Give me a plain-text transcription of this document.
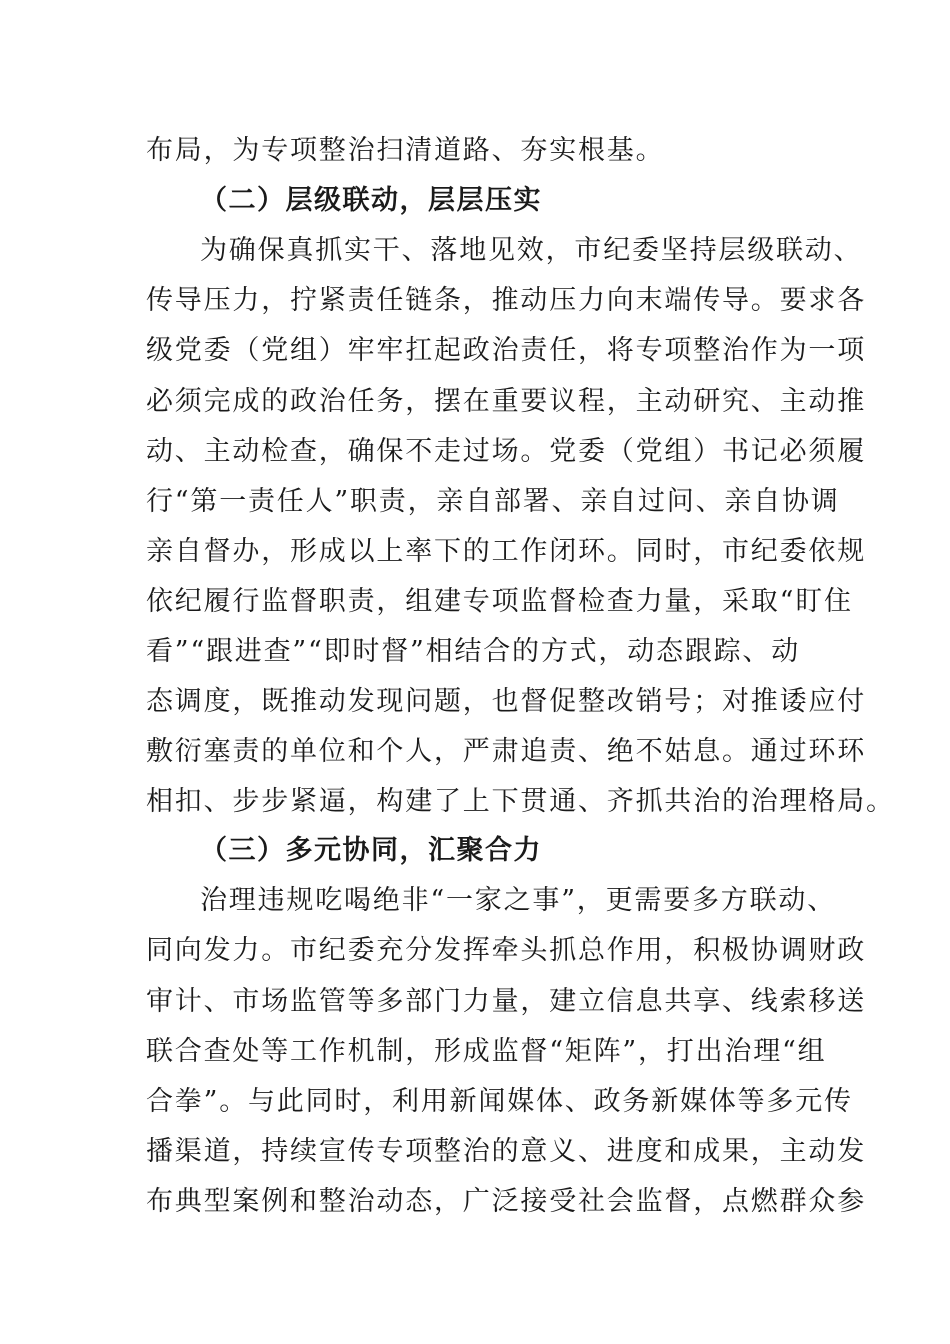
布局，为专项整治扫清道路、夯实根基。
（二）层级联动，层层压实
为确保真抓实干、落地见效，市纪委坚持层级联动、
传导压力，拧紧责任链条，推动压力向末端传导。要求各
级党委（党组）牢牢扛起政治责任，将专项整治作为一项
必须完成的政治任务，摆在重要议程，主动研究、主动推
动、主动检查，确保不走过场。党委（党组）书记必须履
行“第一责任人”职责，亲自部署、亲自过问、亲自协调
亲自督办，形成以上率下的工作闭环。同时，市纪委依规
依纪履行监督职责，组建专项监督检查力量，采取“盯住
看”“跟进查”“即时督”相结合的方式，动态跟踪、动
态调度，既推动发现问题，也督促整改销号；对推诿应付
敷衍塞责的单位和个人，严肃追责、绝不姑息。通过环环
相扣、步步紧逼，构建了上下贯通、齐抓共治的治理格局。
（三）多元协同，汇聚合力
治理违规吃喝绝非“一家之事”，更需要多方联动、
同向发力。市纪委充分发挥牵头抓总作用，积极协调财政
审计、市场监管等多部门力量，建立信息共享、线索移送
联合查处等工作机制，形成监督“矩阵”，打出治理“组
合拳”。与此同时，利用新闻媒体、政务新媒体等多元传
播渠道，持续宣传专项整治的意义、进度和成果，主动发
布典型案例和整治动态，广泛接受社会监督，点燃群众参
